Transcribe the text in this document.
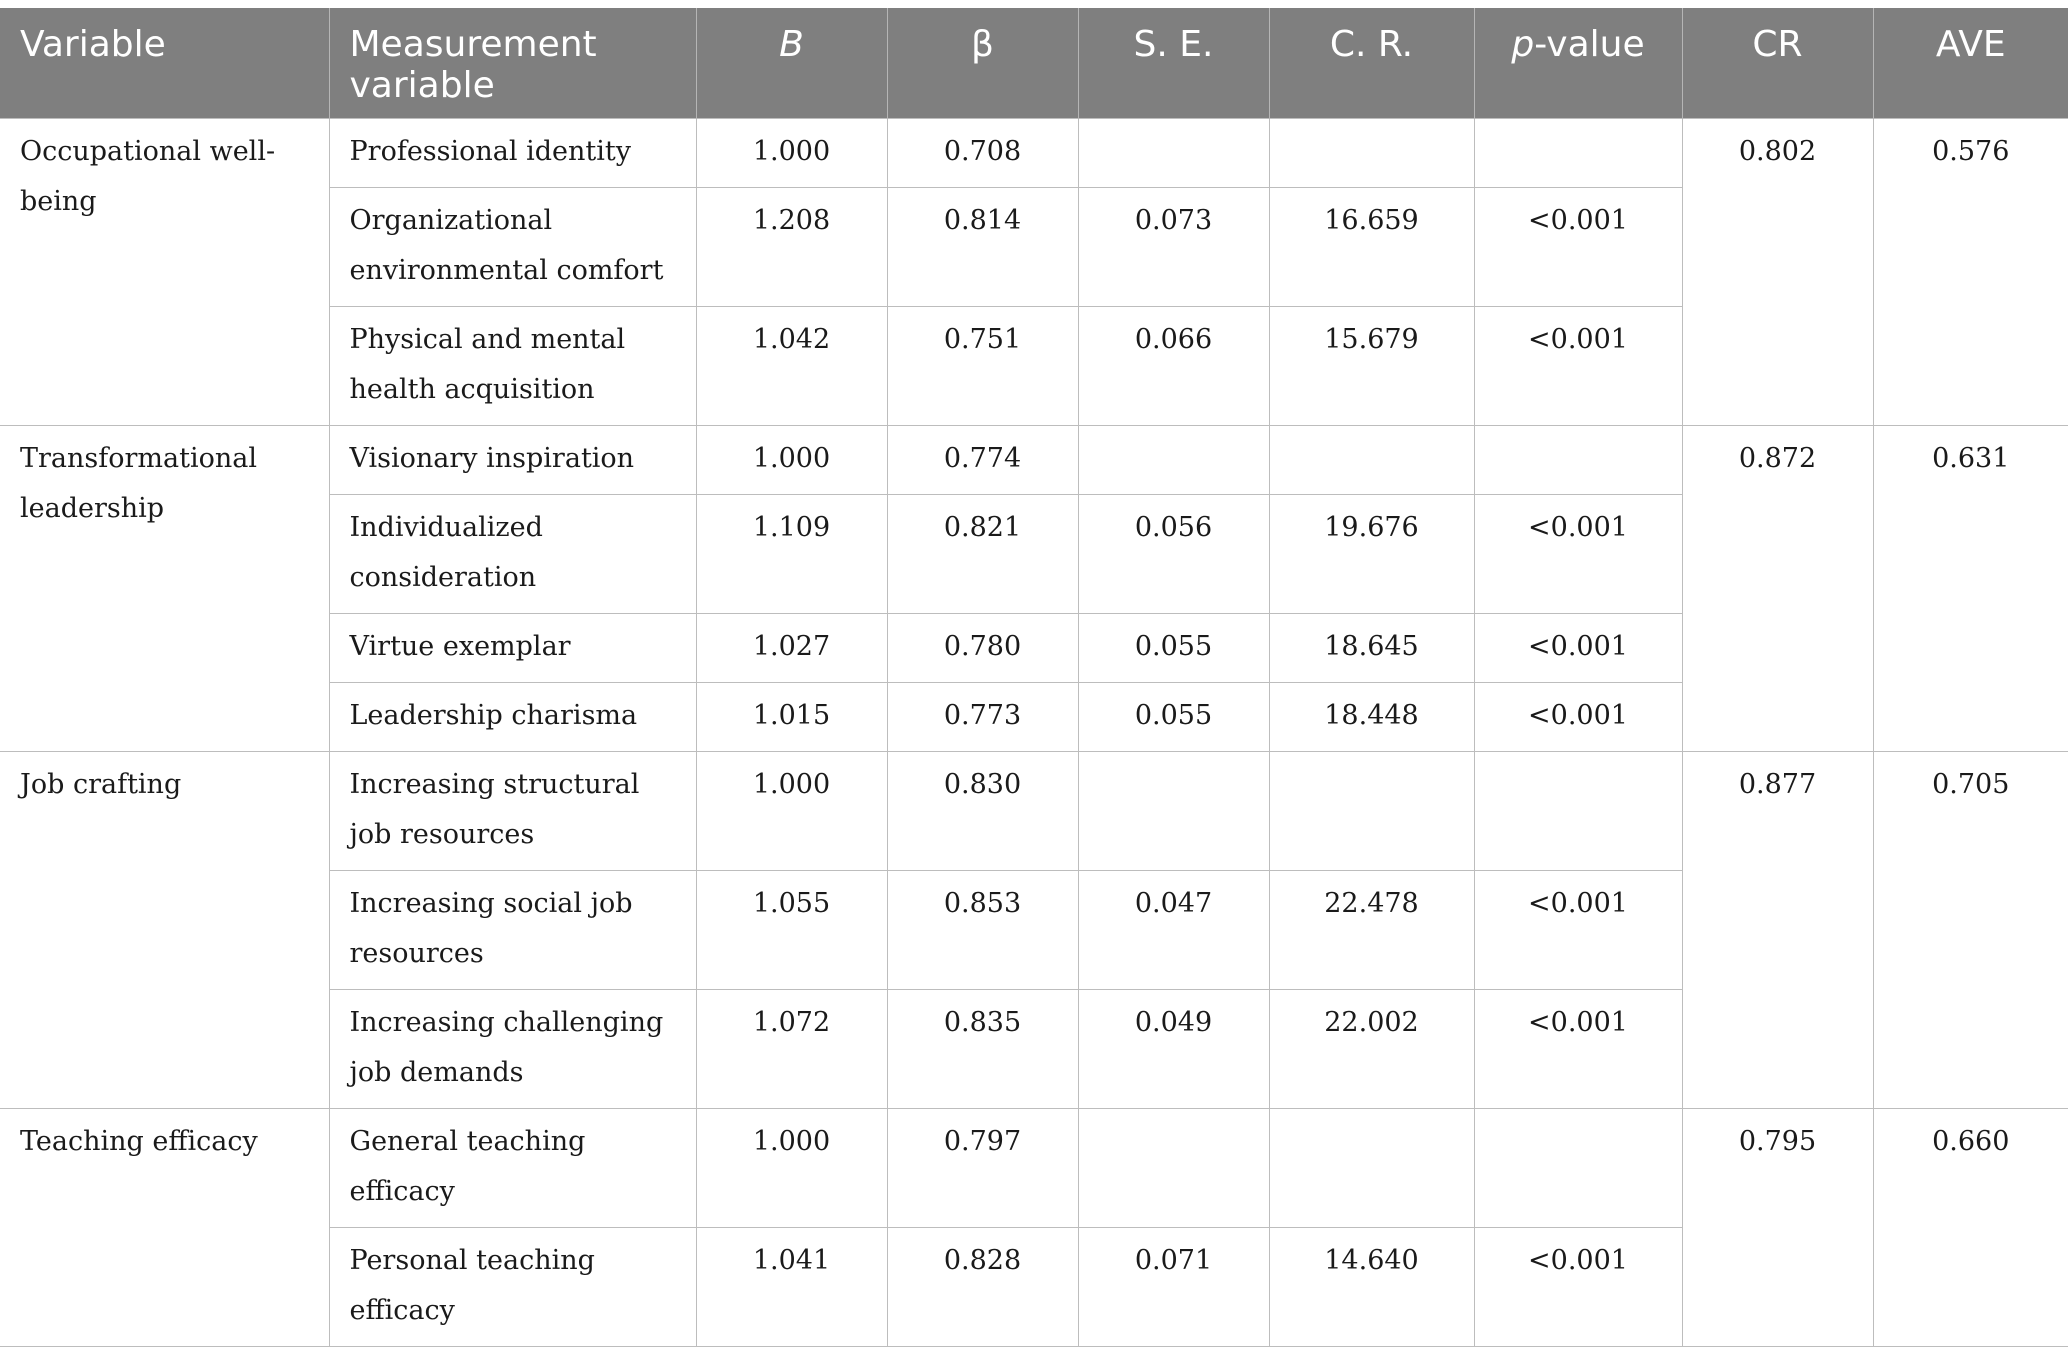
Variable	Measurement variable	B	β	S. E.	C. R.	p-value	CR	AVE
Occupational well-being	Professional identity	1.000	0.708				0.802	0.576
	Organizational environmental comfort	1.208	0.814	0.073	16.659	<0.001		
	Physical and mental health acquisition	1.042	0.751	0.066	15.679	<0.001		
Transformational leadership	Visionary inspiration	1.000	0.774				0.872	0.631
	Individualized consideration	1.109	0.821	0.056	19.676	<0.001		
	Virtue exemplar	1.027	0.780	0.055	18.645	<0.001		
	Leadership charisma	1.015	0.773	0.055	18.448	<0.001		
Job crafting	Increasing structural job resources	1.000	0.830				0.877	0.705
	Increasing social job resources	1.055	0.853	0.047	22.478	<0.001		
	Increasing challenging job demands	1.072	0.835	0.049	22.002	<0.001		
Teaching efficacy	General teaching efficacy	1.000	0.797				0.795	0.660
	Personal teaching efficacy	1.041	0.828	0.071	14.640	<0.001		
